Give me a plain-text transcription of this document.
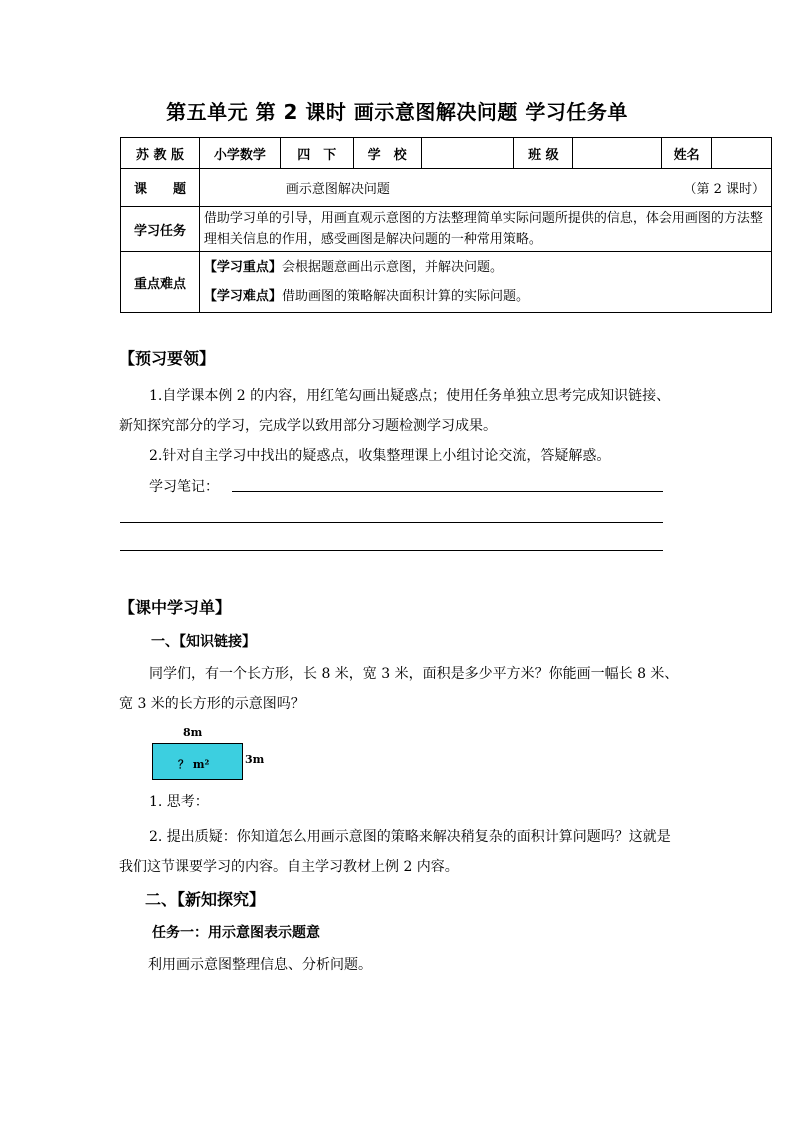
第五单元 第 2 课时 画示意图解决问题 学习任务单
苏 教 版	小学数学	四　下	学　校		班 级		姓名	
课　　题	画示意图解决问题 （第 2 课时）							

学习任务	借助学习单的引导，用画直观示意图的方法整理简单实际问题所提供的信息，体会用画图的方法整理相关信息的作用，感受画图是解决问题的一种常用策略。							
重点难点	【学习重点】会根据题意画出示意图，并解决问题。
【学习难点】借助画图的策略解决面积计算的实际问题。							
【预习要领】
1.自学课本例 2 的内容，用红笔勾画出疑惑点；使用任务单独立思考完成知识链接、新知探究部分的学习，完成学以致用部分习题检测学习成果。
2.针对自主学习中找出的疑惑点，收集整理课上小组讨论交流，答疑解惑。
学习笔记：
【课中学习单】
一、【知识链接】
同学们，有一个长方形，长 8 米，宽 3 米，面积是多少平方米？你能画一幅长 8 米、宽 3 米的长方形的示意图吗？
8m
？ m²	3m
1. 思考：
2. 提出质疑：你知道怎么用画示意图的策略来解决稍复杂的面积计算问题吗？这就是我们这节课要学习的内容。自主学习教材上例 2 内容。
二、【新知探究】
任务一：用示意图表示题意
利用画示意图整理信息、分析问题。
